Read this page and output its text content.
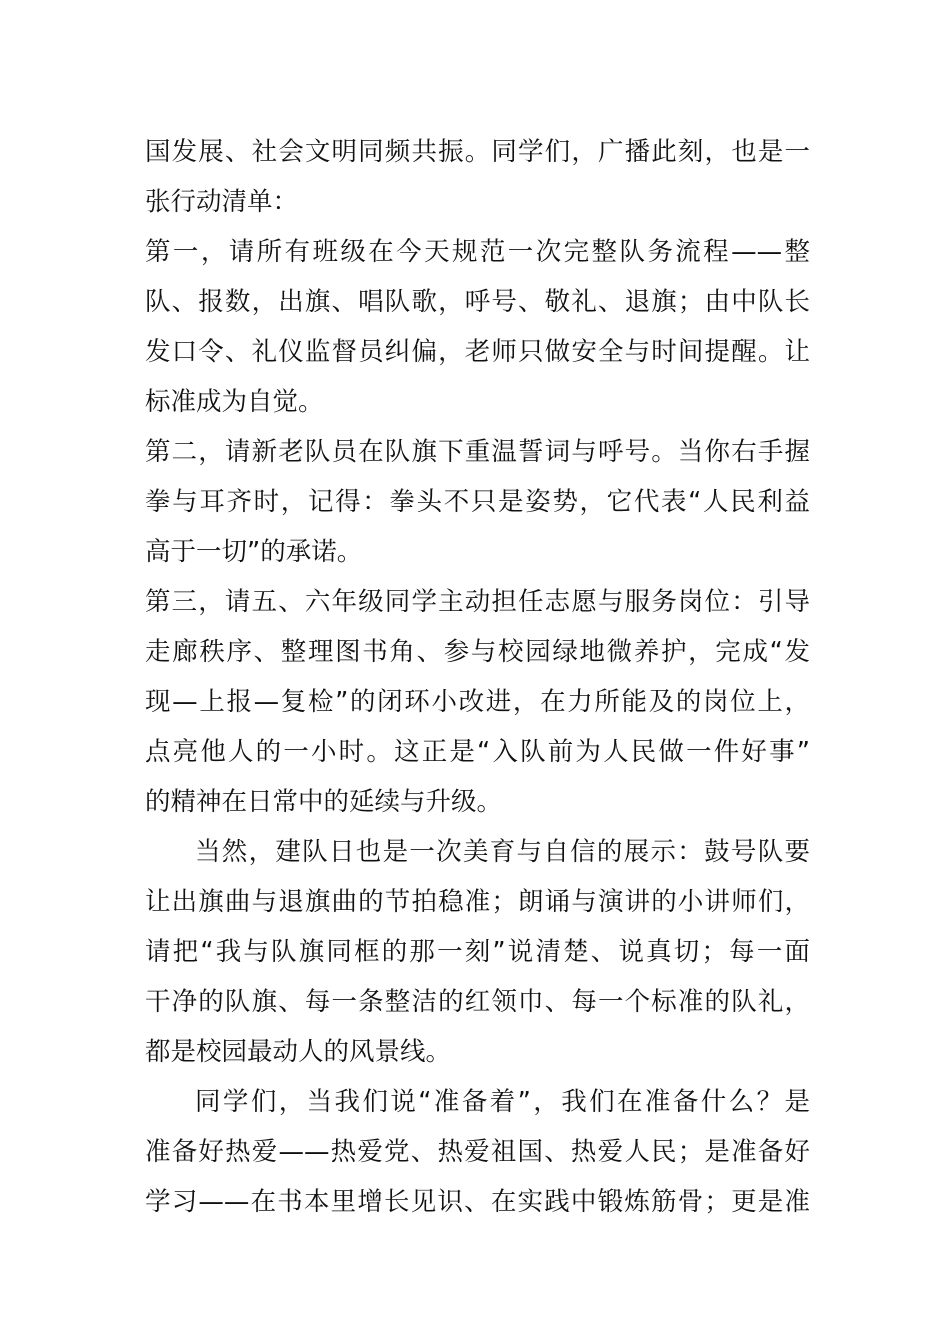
国发展、社会文明同频共振。同学们，广播此刻，也是一
张行动清单：
第一，请所有班级在今天规范一次完整队务流程——整
队、报数，出旗、唱队歌，呼号、敬礼、退旗；由中队长
发口令、礼仪监督员纠偏，老师只做安全与时间提醒。让
标准成为自觉。
第二，请新老队员在队旗下重温誓词与呼号。当你右手握
拳与耳齐时，记得：拳头不只是姿势，它代表“人民利益
高于一切”的承诺。
第三，请五、六年级同学主动担任志愿与服务岗位：引导
走廊秩序、整理图书角、参与校园绿地微养护，完成“发
现—上报—复检”的闭环小改进，在力所能及的岗位上，
点亮他人的一小时。这正是“入队前为人民做一件好事”
的精神在日常中的延续与升级。
当然，建队日也是一次美育与自信的展示：鼓号队要
让出旗曲与退旗曲的节拍稳准；朗诵与演讲的小讲师们，
请把“我与队旗同框的那一刻”说清楚、说真切；每一面
干净的队旗、每一条整洁的红领巾、每一个标准的队礼，
都是校园最动人的风景线。
同学们，当我们说“准备着”，我们在准备什么？是
准备好热爱——热爱党、热爱祖国、热爱人民；是准备好
学习——在书本里增长见识、在实践中锻炼筋骨；更是准
